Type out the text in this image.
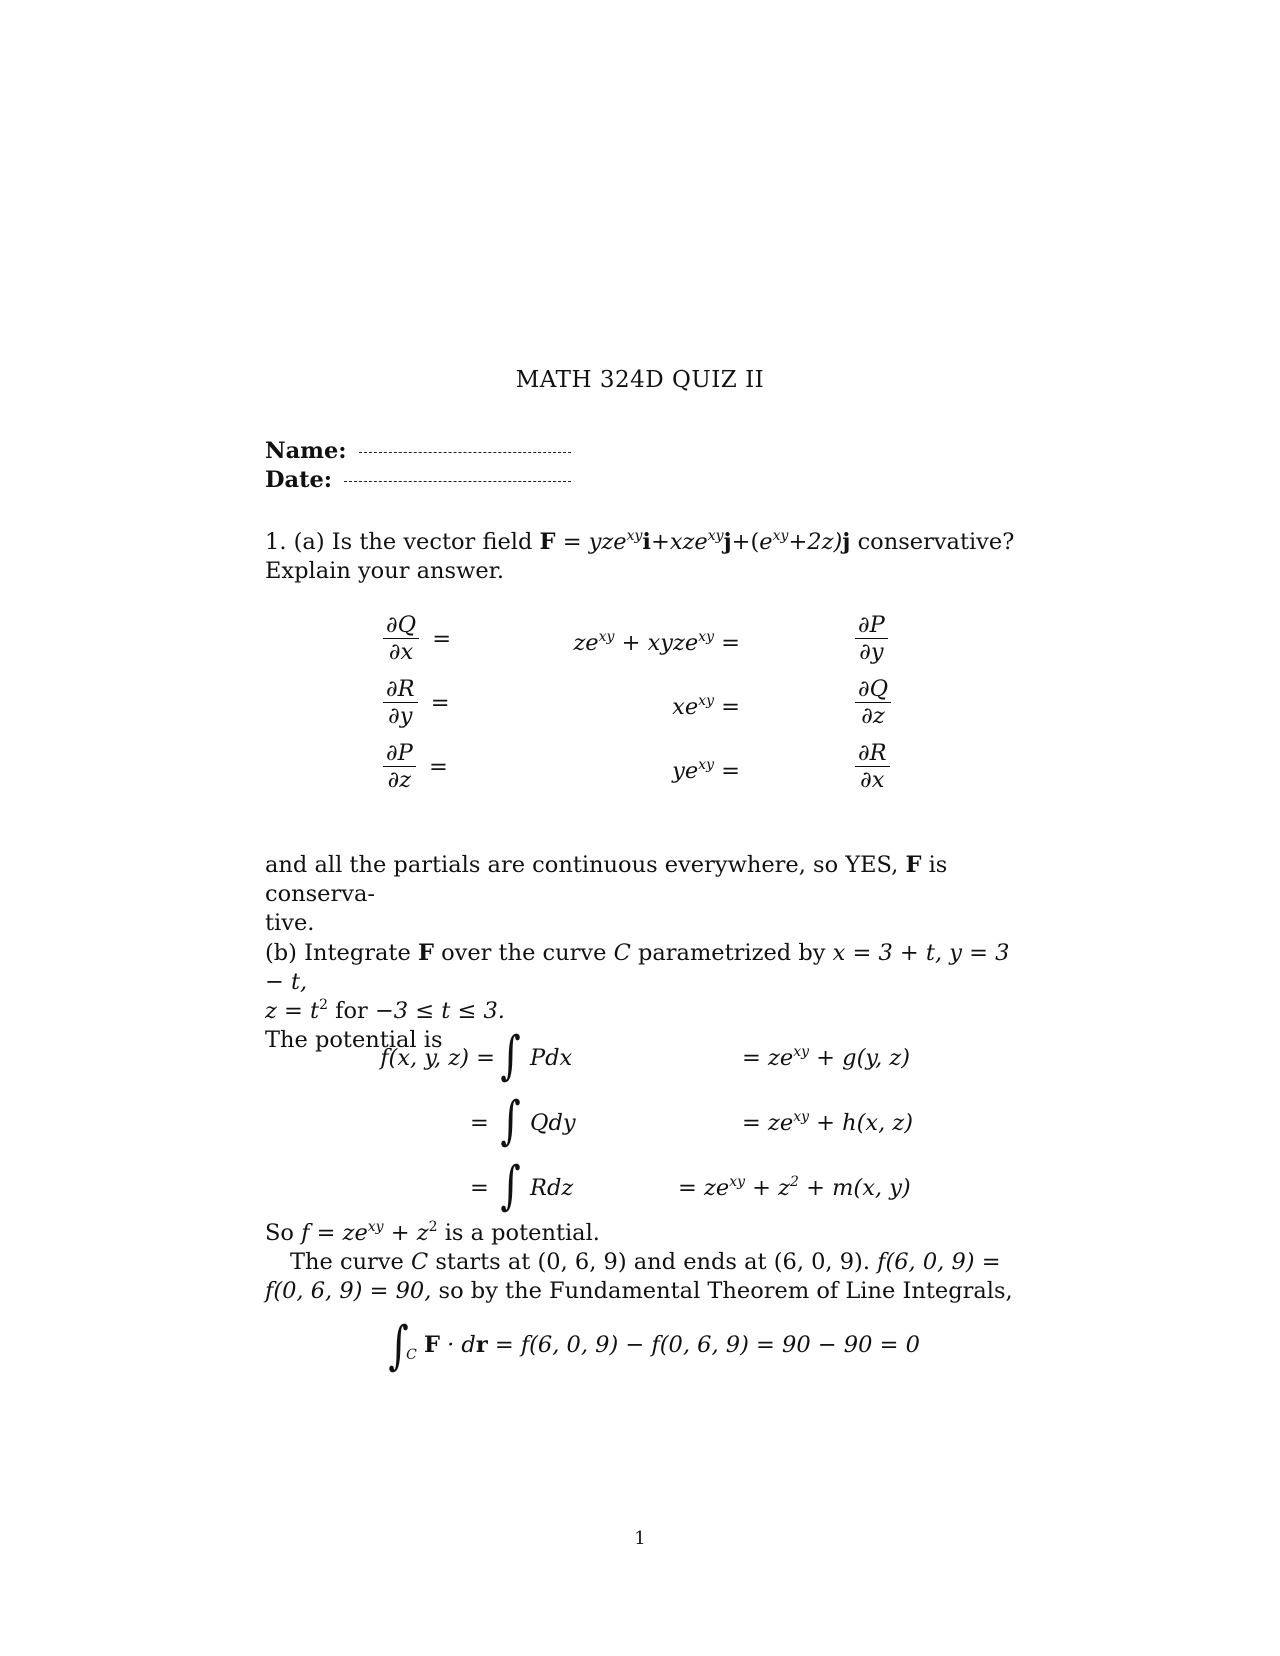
MATH 324D QUIZ II
Name:
Date:
1. (a) Is the vector field $F = yze^{xy}i+xze^{xy}j+(e^{xy}+2z)j$ conservative?
Explain your answer.
$\frac{\partial Q}{\partial x}$ =	$ze^{xy}$ + xyze$^{xy}$ =	$\frac{\partial P}{\partial y}$
$\frac{\partial R}{\partial y}$ =	$xe^{xy}$ =	$\frac{\partial Q}{\partial z}$
$\frac{\partial P}{\partial z}$ =	$ye^{xy}$ =	$\frac{\partial R}{\partial x}$
and all the partials are continuous everywhere, so YES, F is conserva-
tive.
(b) Integrate F over the curve C parametrized by x = 3 + t, y = 3 − t,
$z = t^2$ for −3 ≤ t ≤ 3.
The potential is
f(x, y, z) = ∫ Pdx	= $ze^{xy} + g(y$, z)
= ∫ Qdy	= $ze^{xy} + h(x$, z)
= ∫ Rdz	= $ze^{xy} + z^2 + m(x$, y)
So $f = ze^{xy} + z^2$ is a potential.
The curve C starts at (0, 6, 9) and ends at (6, 0, 9). f(6, 0, 9) =
f(0, 6, 9) = 90, so by the Fundamental Theorem of Line Integrals,
$\int_C$ F · dr = f(6, 0, 9) − f(0, 6, 9) = 90 − 90 = 0
1
